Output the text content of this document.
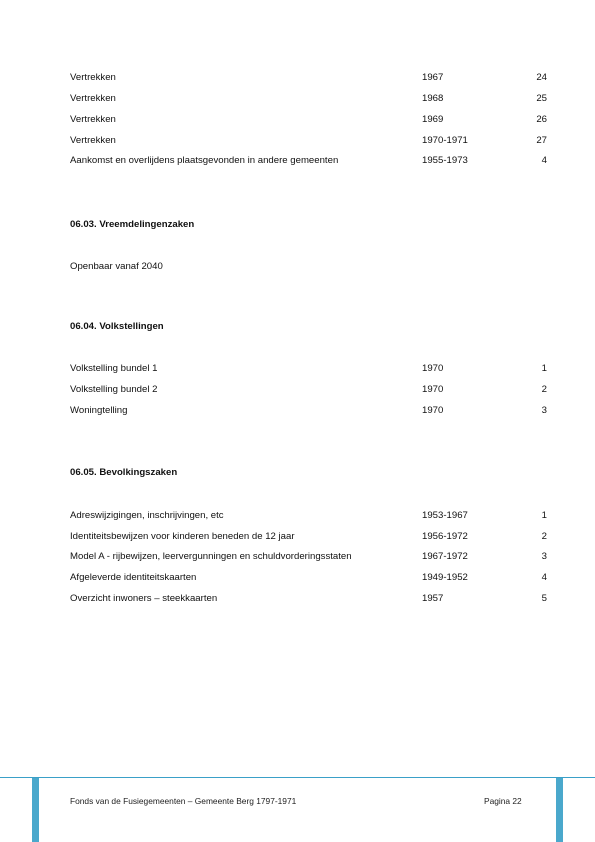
Vertrekken	1967	24
Vertrekken	1968	25
Vertrekken	1969	26
Vertrekken	1970-1971	27
Aankomst en overlijdens plaatsgevonden in andere gemeenten	1955-1973	4
06.03. Vreemdelingenzaken
Openbaar vanaf 2040
06.04. Volkstellingen
Volkstelling bundel 1	1970	1
Volkstelling bundel 2	1970	2
Woningtelling	1970	3
06.05. Bevolkingszaken
Adreswijzigingen, inschrijvingen, etc	1953-1967	1
Identiteitsbewijzen voor kinderen beneden de 12 jaar	1956-1972	2
Model A - rijbewijzen, leervergunningen en schuldvorderingsstaten	1967-1972	3
Afgeleverde identiteitskaarten	1949-1952	4
Overzicht inwoners – steekkaarten	1957	5
Fonds van de Fusiegemeenten – Gemeente Berg 1797-1971	Pagina 22
